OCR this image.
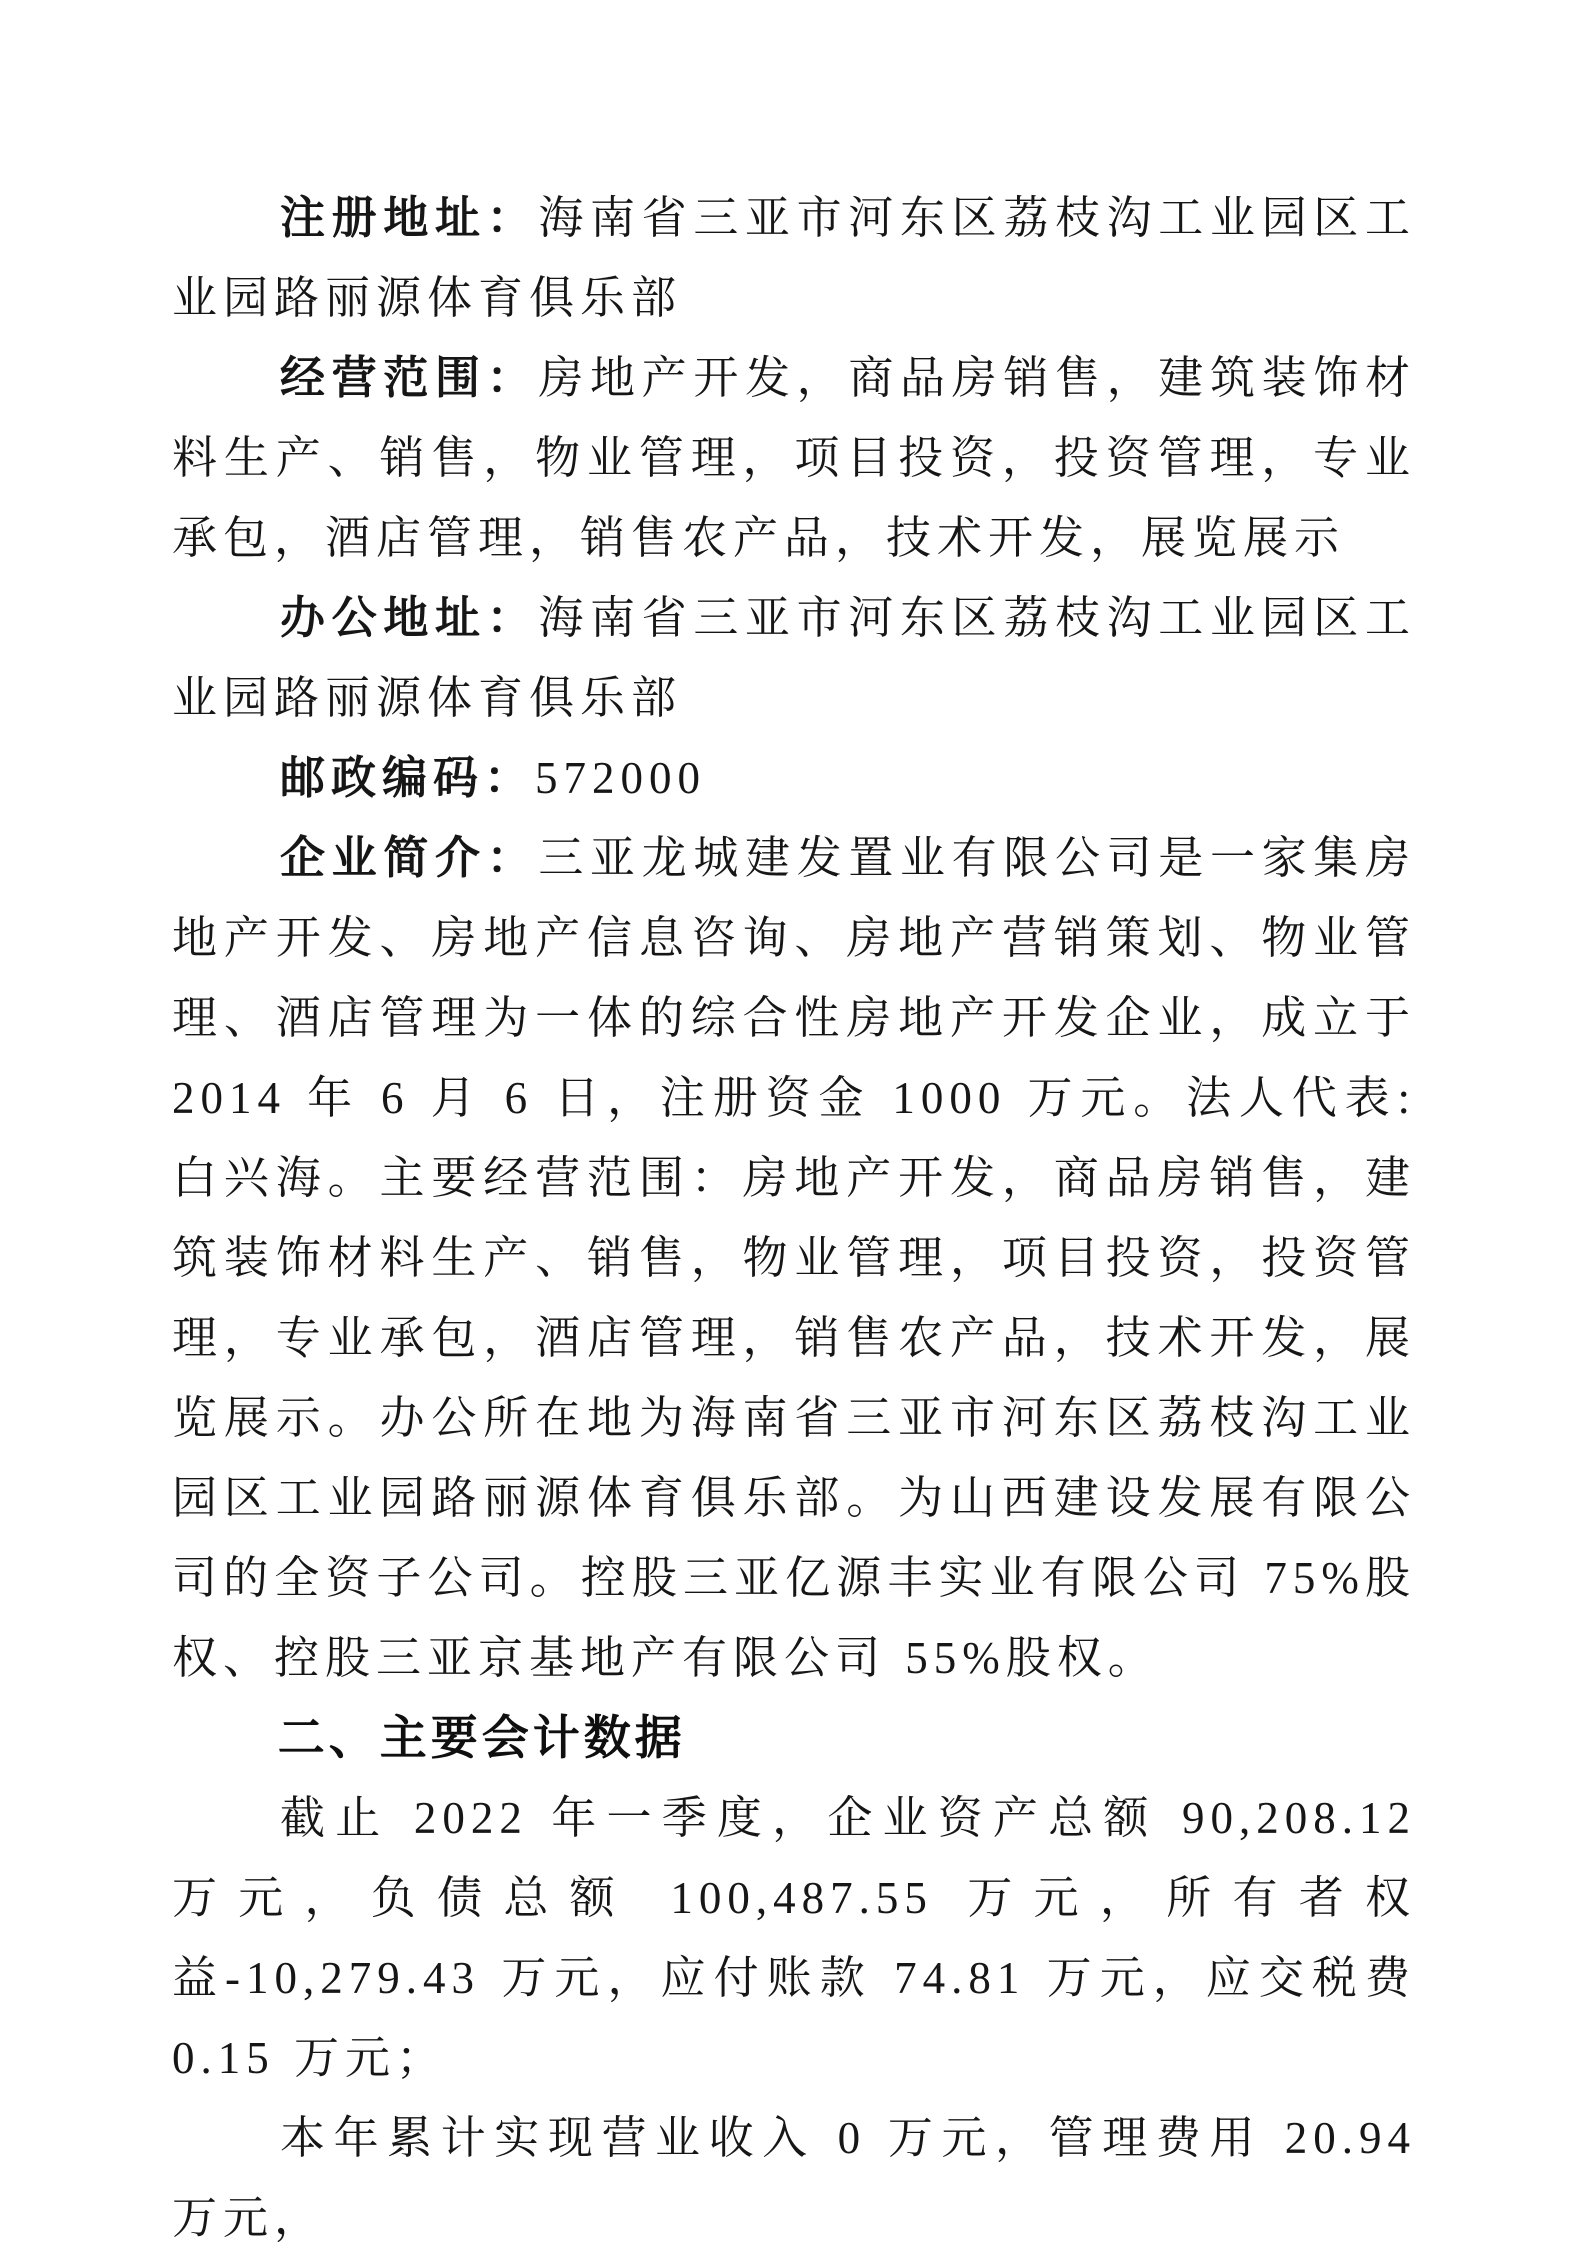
注册地址：海南省三亚市河东区荔枝沟工业园区工业园路丽源体育俱乐部

经营范围：房地产开发，商品房销售，建筑装饰材料生产、销售，物业管理，项目投资，投资管理，专业承包，酒店管理，销售农产品，技术开发，展览展示

办公地址：海南省三亚市河东区荔枝沟工业园区工业园路丽源体育俱乐部

邮政编码：572000

企业简介：三亚龙城建发置业有限公司是一家集房地产开发、房地产信息咨询、房地产营销策划、物业管理、酒店管理为一体的综合性房地产开发企业，成立于 2014 年 6 月 6 日，注册资金 1000 万元。法人代表:白兴海。主要经营范围：房地产开发，商品房销售，建筑装饰材料生产、销售，物业管理，项目投资，投资管理，专业承包，酒店管理，销售农产品，技术开发，展览展示。办公所在地为海南省三亚市河东区荔枝沟工业园区工业园路丽源体育俱乐部。为山西建设发展有限公司的全资子公司。控股三亚亿源丰实业有限公司 75%股权、控股三亚京基地产有限公司 55%股权。

二、主要会计数据

截止 2022 年一季度，企业资产总额 90,208.12 万元，负债总额 100,487.55 万元，所有者权益-10,279.43 万元，应付账款 74.81 万元，应交税费 0.15 万元；

本年累计实现营业收入 0 万元，管理费用 20.94 万元，
